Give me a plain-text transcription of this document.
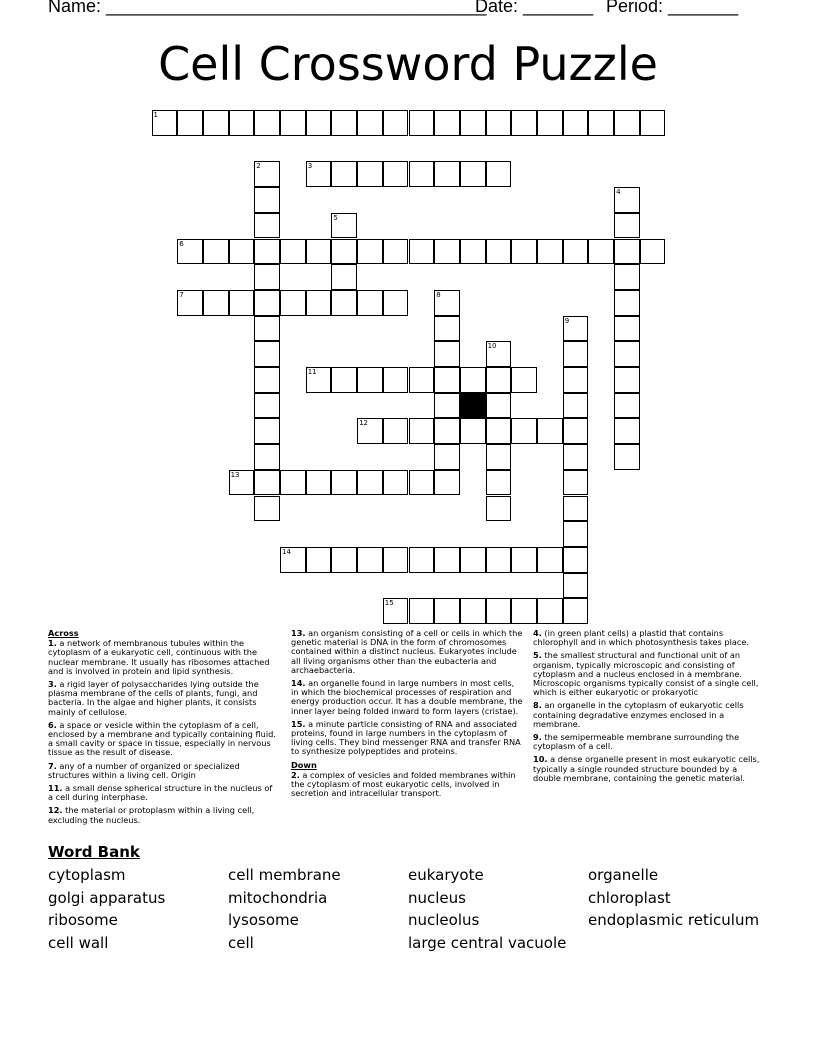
Name: ______________________________________
Date: _______ Period: _______
Cell Crossword Puzzle
1
2	3
4
5
6
7	8
9
10
11
12
13
14
15

Across

1. a network of membranous tubules within the cytoplasm of a eukaryotic cell, continuous with the nuclear membrane. It usually has ribosomes attached and is involved in protein and lipid synthesis.

3. a rigid layer of polysaccharides lying outside the plasma membrane of the cells of plants, fungi, and bacteria. In the algae and higher plants, it consists mainly of cellulose.

6. a space or vesicle within the cytoplasm of a cell, enclosed by a membrane and typically containing fluid. a small cavity or space in tissue, especially in nervous tissue as the result of disease.

7. any of a number of organized or specialized structures within a living cell. Origin

11. a small dense spherical structure in the nucleus of a cell during interphase.

12. the material or protoplasm within a living cell, excluding the nucleus.

13. an organism consisting of a cell or cells in which the genetic material is DNA in the form of chromosomes contained within a distinct nucleus. Eukaryotes include all living organisms other than the eubacteria and archaebacteria.

14. an organelle found in large numbers in most cells, in which the biochemical processes of respiration and energy production occur. It has a double membrane, the inner layer being folded inward to form layers (cristae).

15. a minute particle consisting of RNA and associated proteins, found in large numbers in the cytoplasm of living cells. They bind messenger RNA and transfer RNA to synthesize polypeptides and proteins.

Down

2. a complex of vesicles and folded membranes within the cytoplasm of most eukaryotic cells, involved in secretion and intracellular transport.

4. (in green plant cells) a plastid that contains chlorophyll and in which photosynthesis takes place.

5. the smallest structural and functional unit of an organism, typically microscopic and consisting of cytoplasm and a nucleus enclosed in a membrane. Microscopic organisms typically consist of a single cell, which is either eukaryotic or prokaryotic

8. an organelle in the cytoplasm of eukaryotic cells containing degradative enzymes enclosed in a membrane.

9. the semipermeable membrane surrounding the cytoplasm of a cell.

10. a dense organelle present in most eukaryotic cells, typically a single rounded structure bounded by a double membrane, containing the genetic material.

Word Bank
cytoplasm	cell membrane	eukaryote	organelle
golgi apparatus	mitochondria	nucleus	chloroplast
ribosome	lysosome	nucleolus	endoplasmic reticulum
cell wall	cell	large central vacuole
